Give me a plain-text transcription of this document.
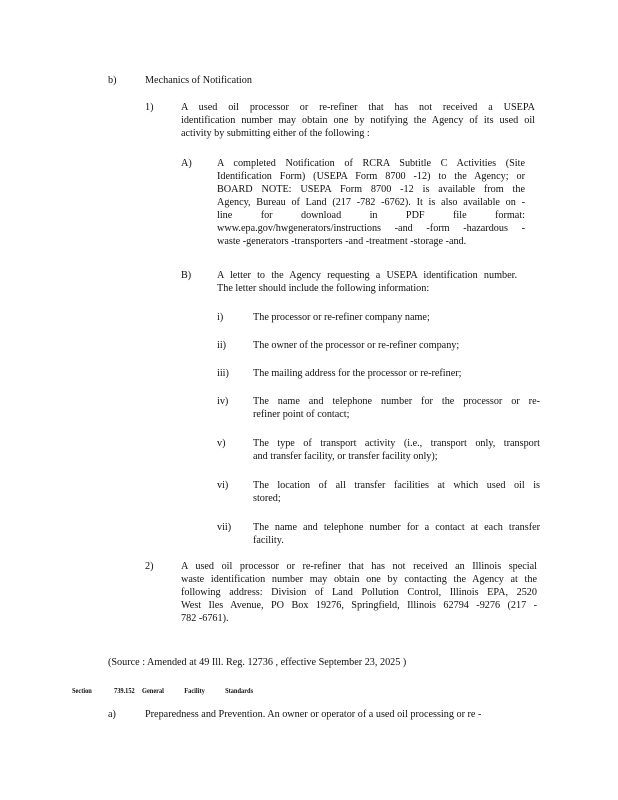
b)	Mechanics of Notification
1)	A used oil processor or re-refiner that has not received a USEPA
identification number may obtain one by notifying the Agency of its used oil
activity by submitting either of the following :
A) A completed Notification of RCRA Subtitle C Activities (Site
Identification Form) (USEPA Form 8700 -12) to the Agency; or
BOARD NOTE: USEPA Form 8700 -12 is available from the
Agency, Bureau of Land (217 -782 -6762). It is also available on -
line for download in PDF file format:
www.epa.gov/hwgenerators/instructions -and -form -hazardous -
waste -generators -transporters -and -treatment -storage -and.
B)	A letter to the Agency requesting a USEPA identification number.
The letter should include the following information:
i)	The processor or re-refiner company name;
ii)	The owner of the processor or re-refiner company;
iii) The mailing address for the processor or re-refiner;
iv) The name and telephone number for the processor or re-
refiner point of contact;
v)	The type of transport activity (i.e., transport only, transport
and transfer facility, or transfer facility only);
vi) The location of all transfer facilities at which used oil is
stored;
vii) The name and telephone number for a contact at each transfer
facility.
2)	A used oil processor or re-refiner that has not received an Illinois special
waste identification number may obtain one by contacting the Agency at the
following address: Division of Land Pollution Control, Illinois EPA, 2520
West Iles Avenue, PO Box 19276, Springfield, Illinois 62794 -9276 (217 -
782 -6761).
(Source : Amended at 49 Ill. Reg. 12736 , effective September 23, 2025 )
Section	739.152 General Facility Standards
a)	Preparedness and Prevention. An owner or operator of a used oil processing or re -
